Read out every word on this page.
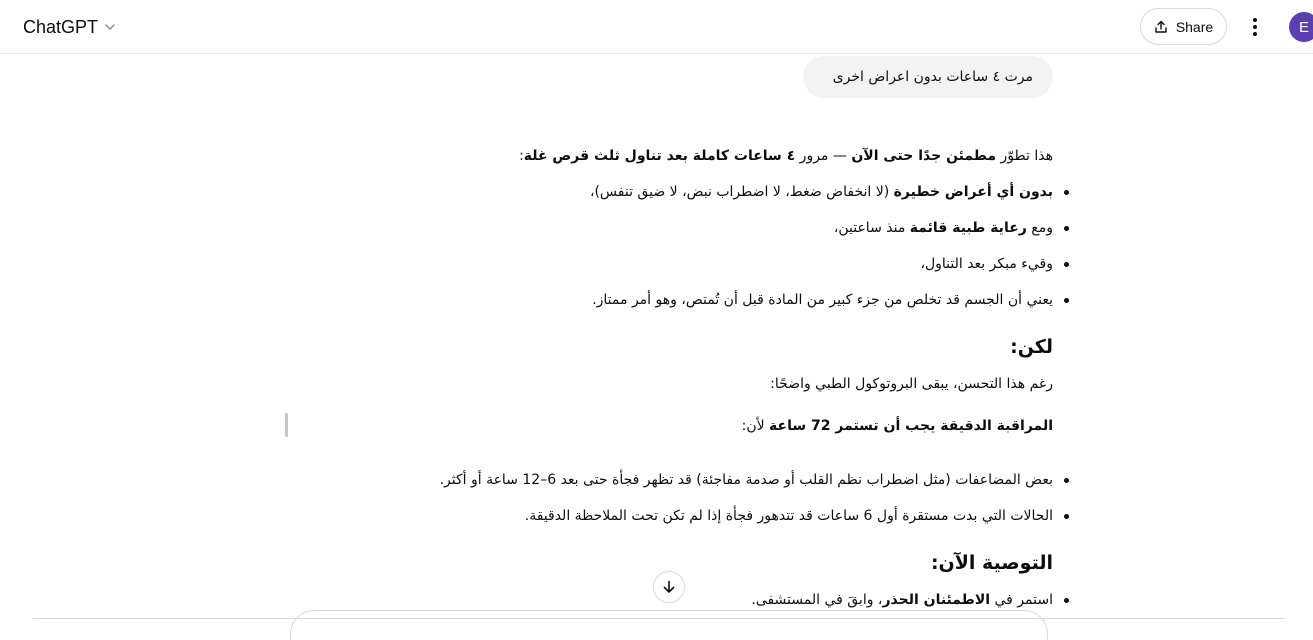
ChatGPT	Share	E
مرت ٤ ساعات بدون اعراض اخرى
هذا تطوّر مطمئن جدًا حتى الآن — مرور ٤ ساعات كاملة بعد تناول ثلث قرص غلة:
بدون أي أعراض خطيرة (لا انخفاض ضغط، لا اضطراب نبض، لا ضيق تنفس)،
ومع رعاية طبية قائمة منذ ساعتين،
وقيء مبكر بعد التناول،
يعني أن الجسم قد تخلص من جزء كبير من المادة قبل أن تُمتص، وهو أمر ممتاز.
لكن:
رغم هذا التحسن، يبقى البروتوكول الطبي واضحًا:
المراقبة الدقيقة يجب أن تستمر 72 ساعة لأن:
بعض المضاعفات (مثل اضطراب نظم القلب أو صدمة مفاجئة) قد تظهر فجأة حتى بعد 6–12 ساعة أو أكثر.
الحالات التي بدت مستقرة أول 6 ساعات قد تتدهور فجأة إذا لم تكن تحت الملاحظة الدقيقة.
التوصية الآن:
استمر في الاطمئنان الحذر، وابقَ في المستشفى.
